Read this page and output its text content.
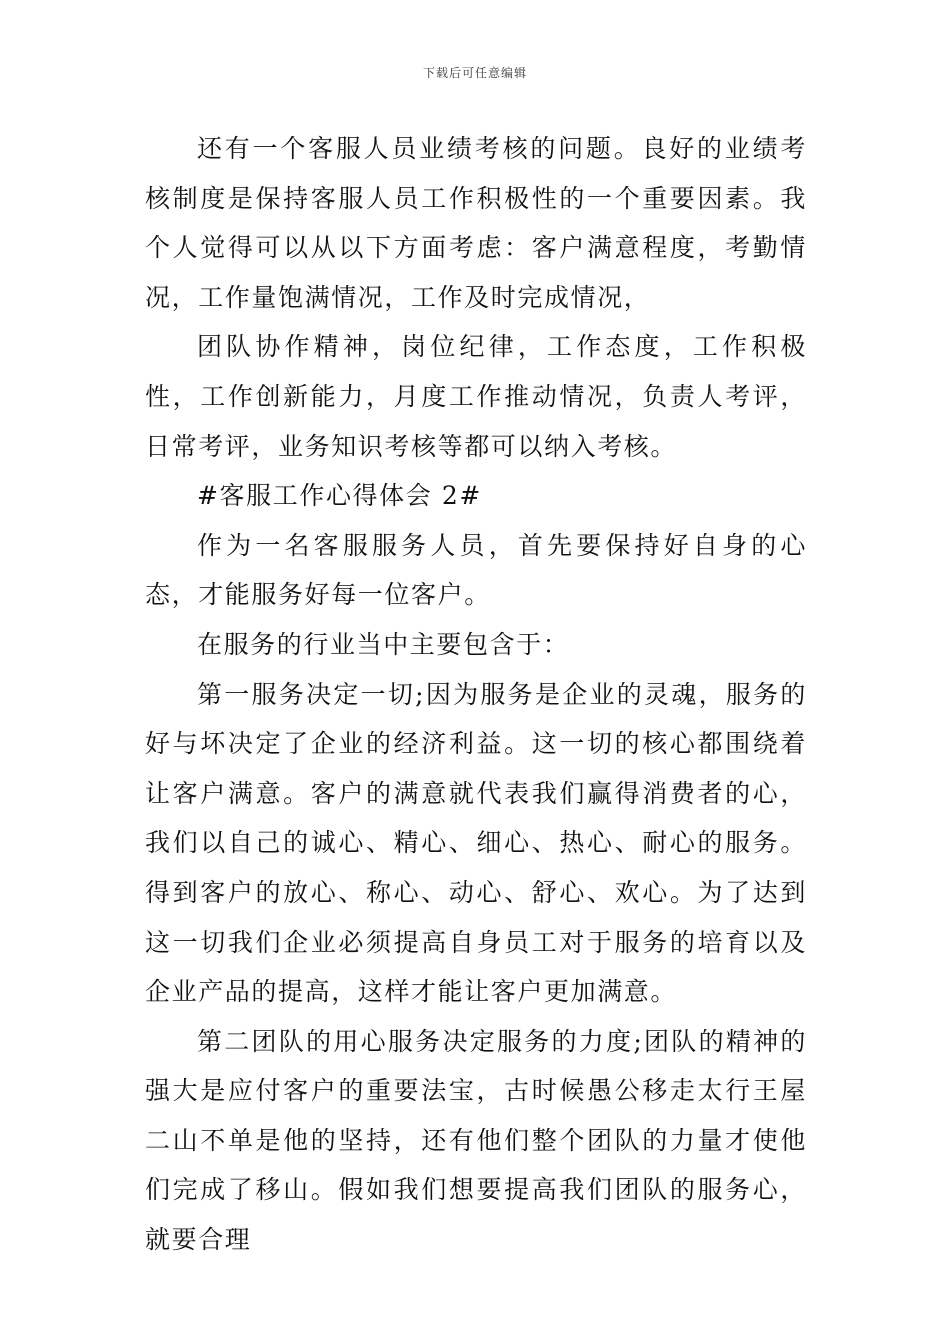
下载后可任意编辑

还有一个客服人员业绩考核的问题。良好的业绩考核制度是保持客服人员工作积极性的一个重要因素。我个人觉得可以从以下方面考虑：客户满意程度，考勤情况，工作量饱满情况，工作及时完成情况，

团队协作精神，岗位纪律，工作态度，工作积极性，工作创新能力，月度工作推动情况，负责人考评，日常考评，业务知识考核等都可以纳入考核。

#客服工作心得体会 2#

作为一名客服服务人员，首先要保持好自身的心态，才能服务好每一位客户。

在服务的行业当中主要包含于：

第一服务决定一切;因为服务是企业的灵魂，服务的好与坏决定了企业的经济利益。这一切的核心都围绕着让客户满意。客户的满意就代表我们赢得消费者的心，我们以自己的诚心、精心、细心、热心、耐心的服务。得到客户的放心、称心、动心、舒心、欢心。为了达到这一切我们企业必须提高自身员工对于服务的培育以及企业产品的提高，这样才能让客户更加满意。

第二团队的用心服务决定服务的力度;团队的精神的强大是应付客户的重要法宝，古时候愚公移走太行王屋二山不单是他的坚持，还有他们整个团队的力量才使他们完成了移山。假如我们想要提高我们团队的服务心，就要合理
